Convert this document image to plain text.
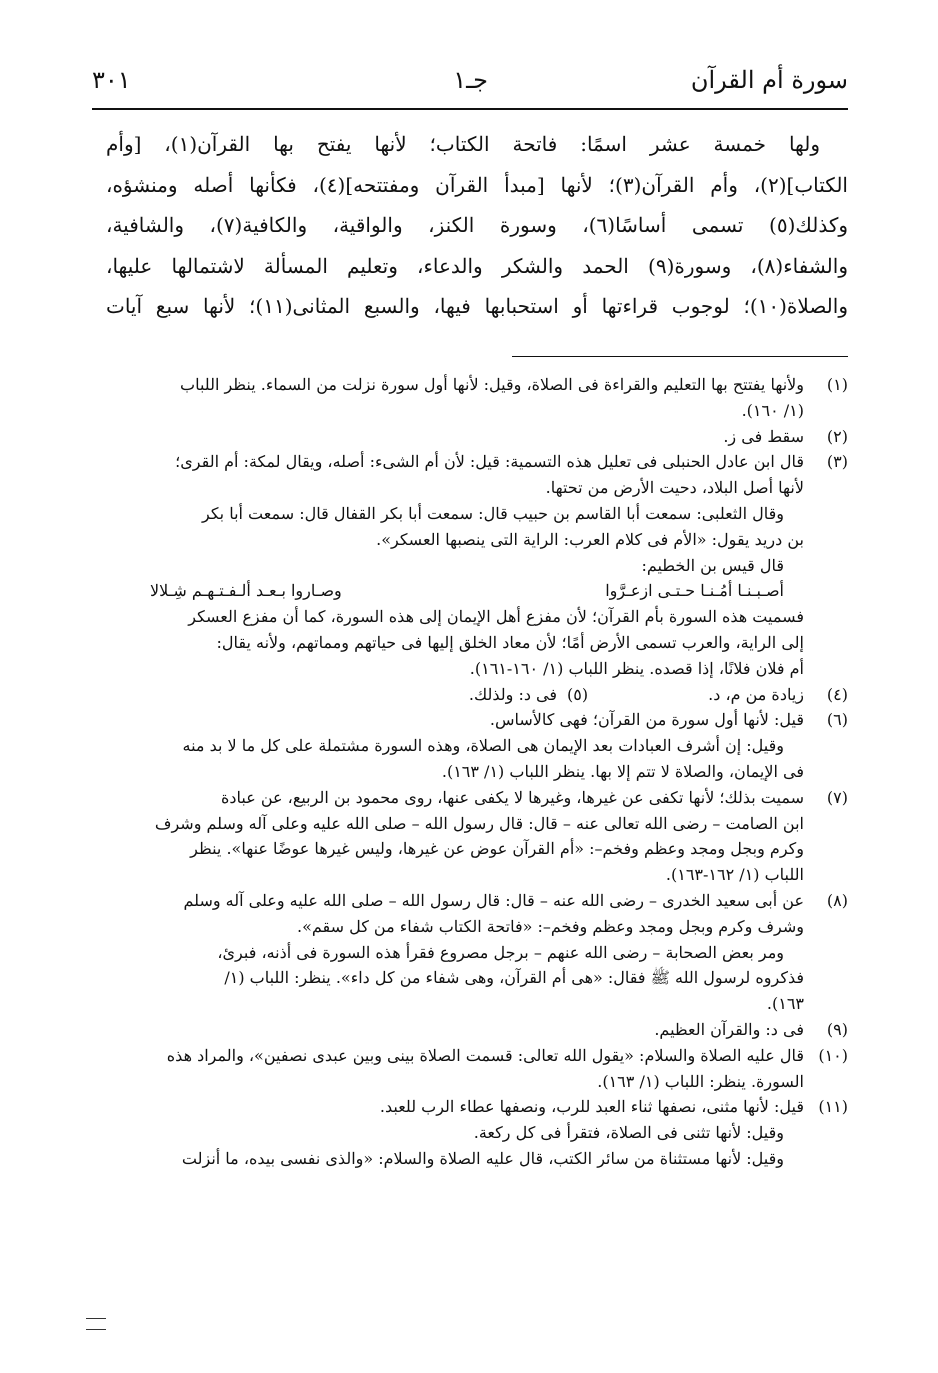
سورة أم القرآن
جـ١
٣٠١
ولها خمسة عشر اسمًا: فاتحة الكتاب؛ لأنها يفتح بها القرآن(١)، [وأم
الكتاب](٢)، وأم القرآن(٣)؛ لأنها [مبدأ القرآن ومفتتحه](٤)، فكأنها أصله ومنشؤه،
وكذلك(٥) تسمى أساسًا(٦)، وسورة الكنز، والواقية، والكافية(٧)، والشافية،
والشفاء(٨)، وسورة(٩) الحمد والشكر والدعاء، وتعليم المسألة لاشتمالها عليها،
والصلاة(١٠)؛ لوجوب قراءتها أو استحبابها فيها، والسبع المثانى(١١)؛ لأنها سبع آيات
(١)
ولأنها يفتتح بها التعليم والقراءة فى الصلاة، وقيل: لأنها أول سورة نزلت من السماء. ينظر اللباب
(١/ ١٦٠).
(٢)
سقط فى ز.
(٣)
قال ابن عادل الحنبلى فى تعليل هذه التسمية: قيل: لأن أم الشىء: أصله، ويقال لمكة: أم القرى؛
لأنها أصل البلاد، دحيت الأرض من تحتها.
وقال الثعلبى: سمعت أبا القاسم بن حبيب قال: سمعت أبا بكر القفال قال: سمعت أبا بكر
بن دريد يقول: «الأم فى كلام العرب: الراية التى ينصبها العسكر».
قال قيس بن الخطيم:
أصـبـنـا أمُـنـا حـتـى ازعـرَّوا
وصـاروا بـعـد ألـفـتـهـم شِـلالا
فسميت هذه السورة بأم القرآن؛ لأن مفزع أهل الإيمان إلى هذه السورة، كما أن مفزع العسكر
إلى الراية، والعرب تسمى الأرض أمًا؛ لأن معاد الخلق إليها فى حياتهم ومماتهم، ولأنه يقال:
أم فلان فلانًا، إذا قصده. ينظر اللباب (١/ ١٦٠-١٦١).
(٤)
زيادة من م، د.
(٥)
فى د: ولذلك.
(٦)
قيل: لأنها أول سورة من القرآن؛ فهى كالأساس.
وقيل: إن أشرف العبادات بعد الإيمان هى الصلاة، وهذه السورة مشتملة على كل ما لا بد منه
فى الإيمان، والصلاة لا تتم إلا بها. ينظر اللباب (١/ ١٦٣).
(٧)
سميت بذلك؛ لأنها تكفى عن غيرها، وغيرها لا يكفى عنها، روى محمود بن الربيع، عن عبادة
ابن الصامت – رضى الله تعالى عنه – قال: قال رسول الله – صلى الله عليه وعلى آله وسلم وشرف
وكرم وبجل ومجد وعظم وفخم–: «أم القرآن عوض عن غيرها، وليس غيرها عوضًا عنها». ينظر
اللباب (١/ ١٦٢-١٦٣).
(٨)
عن أبى سعيد الخدرى – رضى الله عنه – قال: قال رسول الله – صلى الله عليه وعلى آله وسلم
وشرف وكرم وبجل ومجد وعظم وفخم–: «فاتحة الكتاب شفاء من كل سقم».
ومر بعض الصحابة – رضى الله عنهم – برجل مصروع فقرأ هذه السورة فى أذنه، فبرئ،
فذكروه لرسول الله ﷺ فقال: «هى أم القرآن، وهى شفاء من كل داء». ينظر: اللباب (١/
١٦٣).
(٩)
فى د: والقرآن العظيم.
(١٠)
قال عليه الصلاة والسلام: «يقول الله تعالى: قسمت الصلاة بينى وبين عبدى نصفين»، والمراد هذه
السورة. ينظر: اللباب (١/ ١٦٣).
(١١)
قيل: لأنها مثنى، نصفها ثناء العبد للرب، ونصفها عطاء الرب للعبد.
وقيل: لأنها تثنى فى الصلاة، فتقرأ فى كل ركعة.
وقيل: لأنها مستثناة من سائر الكتب، قال عليه الصلاة والسلام: «والذى نفسى بيده، ما أنزلت
